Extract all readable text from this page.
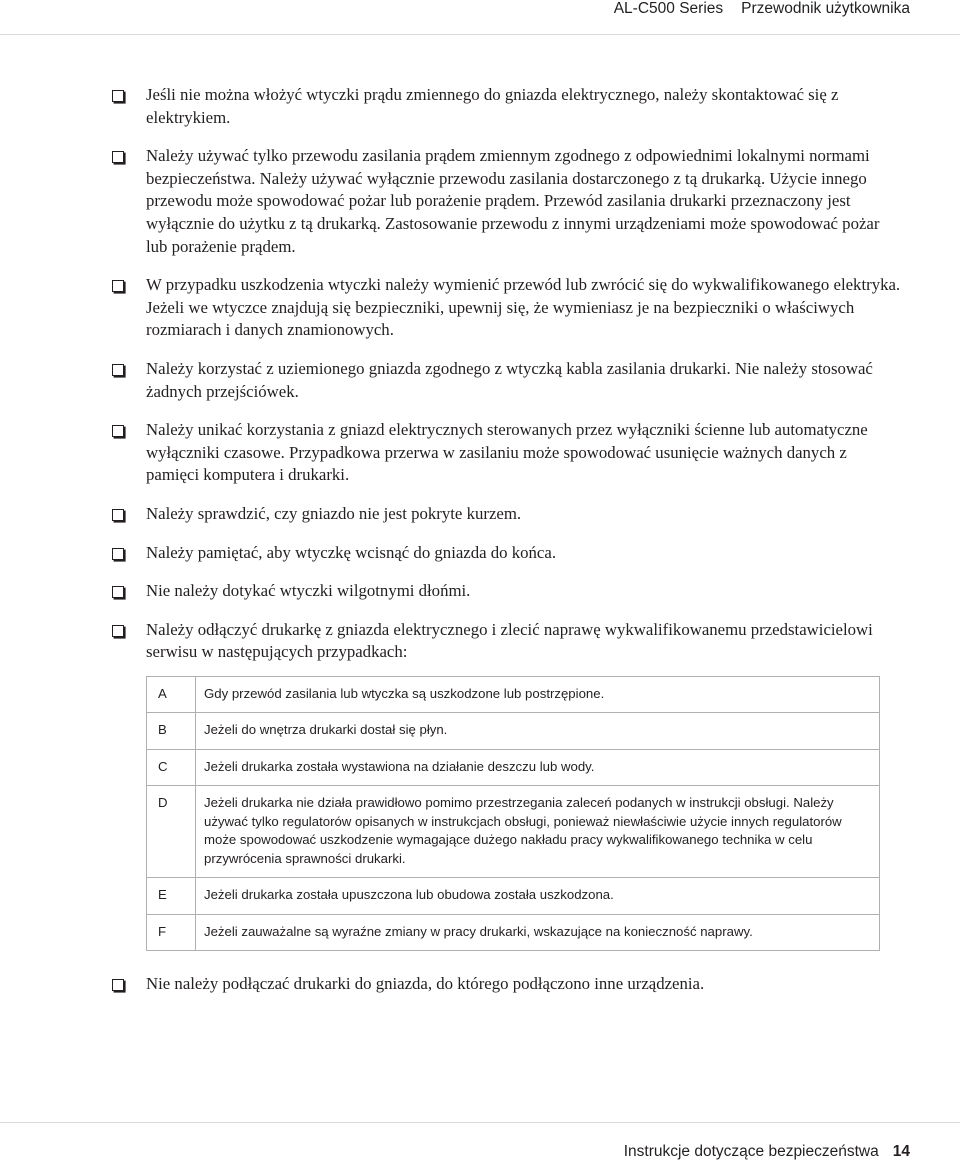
AL-C500 Series Przewodnik użytkownika
Jeśli nie można włożyć wtyczki prądu zmiennego do gniazda elektrycznego, należy skontaktować się z elektrykiem.
Należy używać tylko przewodu zasilania prądem zmiennym zgodnego z odpowiednimi lokalnymi normami bezpieczeństwa. Należy używać wyłącznie przewodu zasilania dostarczonego z tą drukarką. Użycie innego przewodu może spowodować pożar lub porażenie prądem. Przewód zasilania drukarki przeznaczony jest wyłącznie do użytku z tą drukarką. Zastosowanie przewodu z innymi urządzeniami może spowodować pożar lub porażenie prądem.
W przypadku uszkodzenia wtyczki należy wymienić przewód lub zwrócić się do wykwalifikowanego elektryka. Jeżeli we wtyczce znajdują się bezpieczniki, upewnij się, że wymieniasz je na bezpieczniki o właściwych rozmiarach i danych znamionowych.
Należy korzystać z uziemionego gniazda zgodnego z wtyczką kabla zasilania drukarki. Nie należy stosować żadnych przejściówek.
Należy unikać korzystania z gniazd elektrycznych sterowanych przez wyłączniki ścienne lub automatyczne wyłączniki czasowe. Przypadkowa przerwa w zasilaniu może spowodować usunięcie ważnych danych z pamięci komputera i drukarki.
Należy sprawdzić, czy gniazdo nie jest pokryte kurzem.
Należy pamiętać, aby wtyczkę wcisnąć do gniazda do końca.
Nie należy dotykać wtyczki wilgotnymi dłońmi.
Należy odłączyć drukarkę z gniazda elektrycznego i zlecić naprawę wykwalifikowanemu przedstawicielowi serwisu w następujących przypadkach:
A	Gdy przewód zasilania lub wtyczka są uszkodzone lub postrzępione.
B	Jeżeli do wnętrza drukarki dostał się płyn.
C	Jeżeli drukarka została wystawiona na działanie deszczu lub wody.
D	Jeżeli drukarka nie działa prawidłowo pomimo przestrzegania zaleceń podanych w instrukcji obsługi. Należy używać tylko regulatorów opisanych w instrukcjach obsługi, ponieważ niewłaściwie użycie innych regulatorów może spowodować uszkodzenie wymagające dużego nakładu pracy wykwalifikowanego technika w celu przywrócenia sprawności drukarki.
E	Jeżeli drukarka została upuszczona lub obudowa została uszkodzona.
F	Jeżeli zauważalne są wyraźne zmiany w pracy drukarki, wskazujące na konieczność naprawy.
Nie należy podłączać drukarki do gniazda, do którego podłączono inne urządzenia.
Instrukcje dotyczące bezpieczeństwa 14
